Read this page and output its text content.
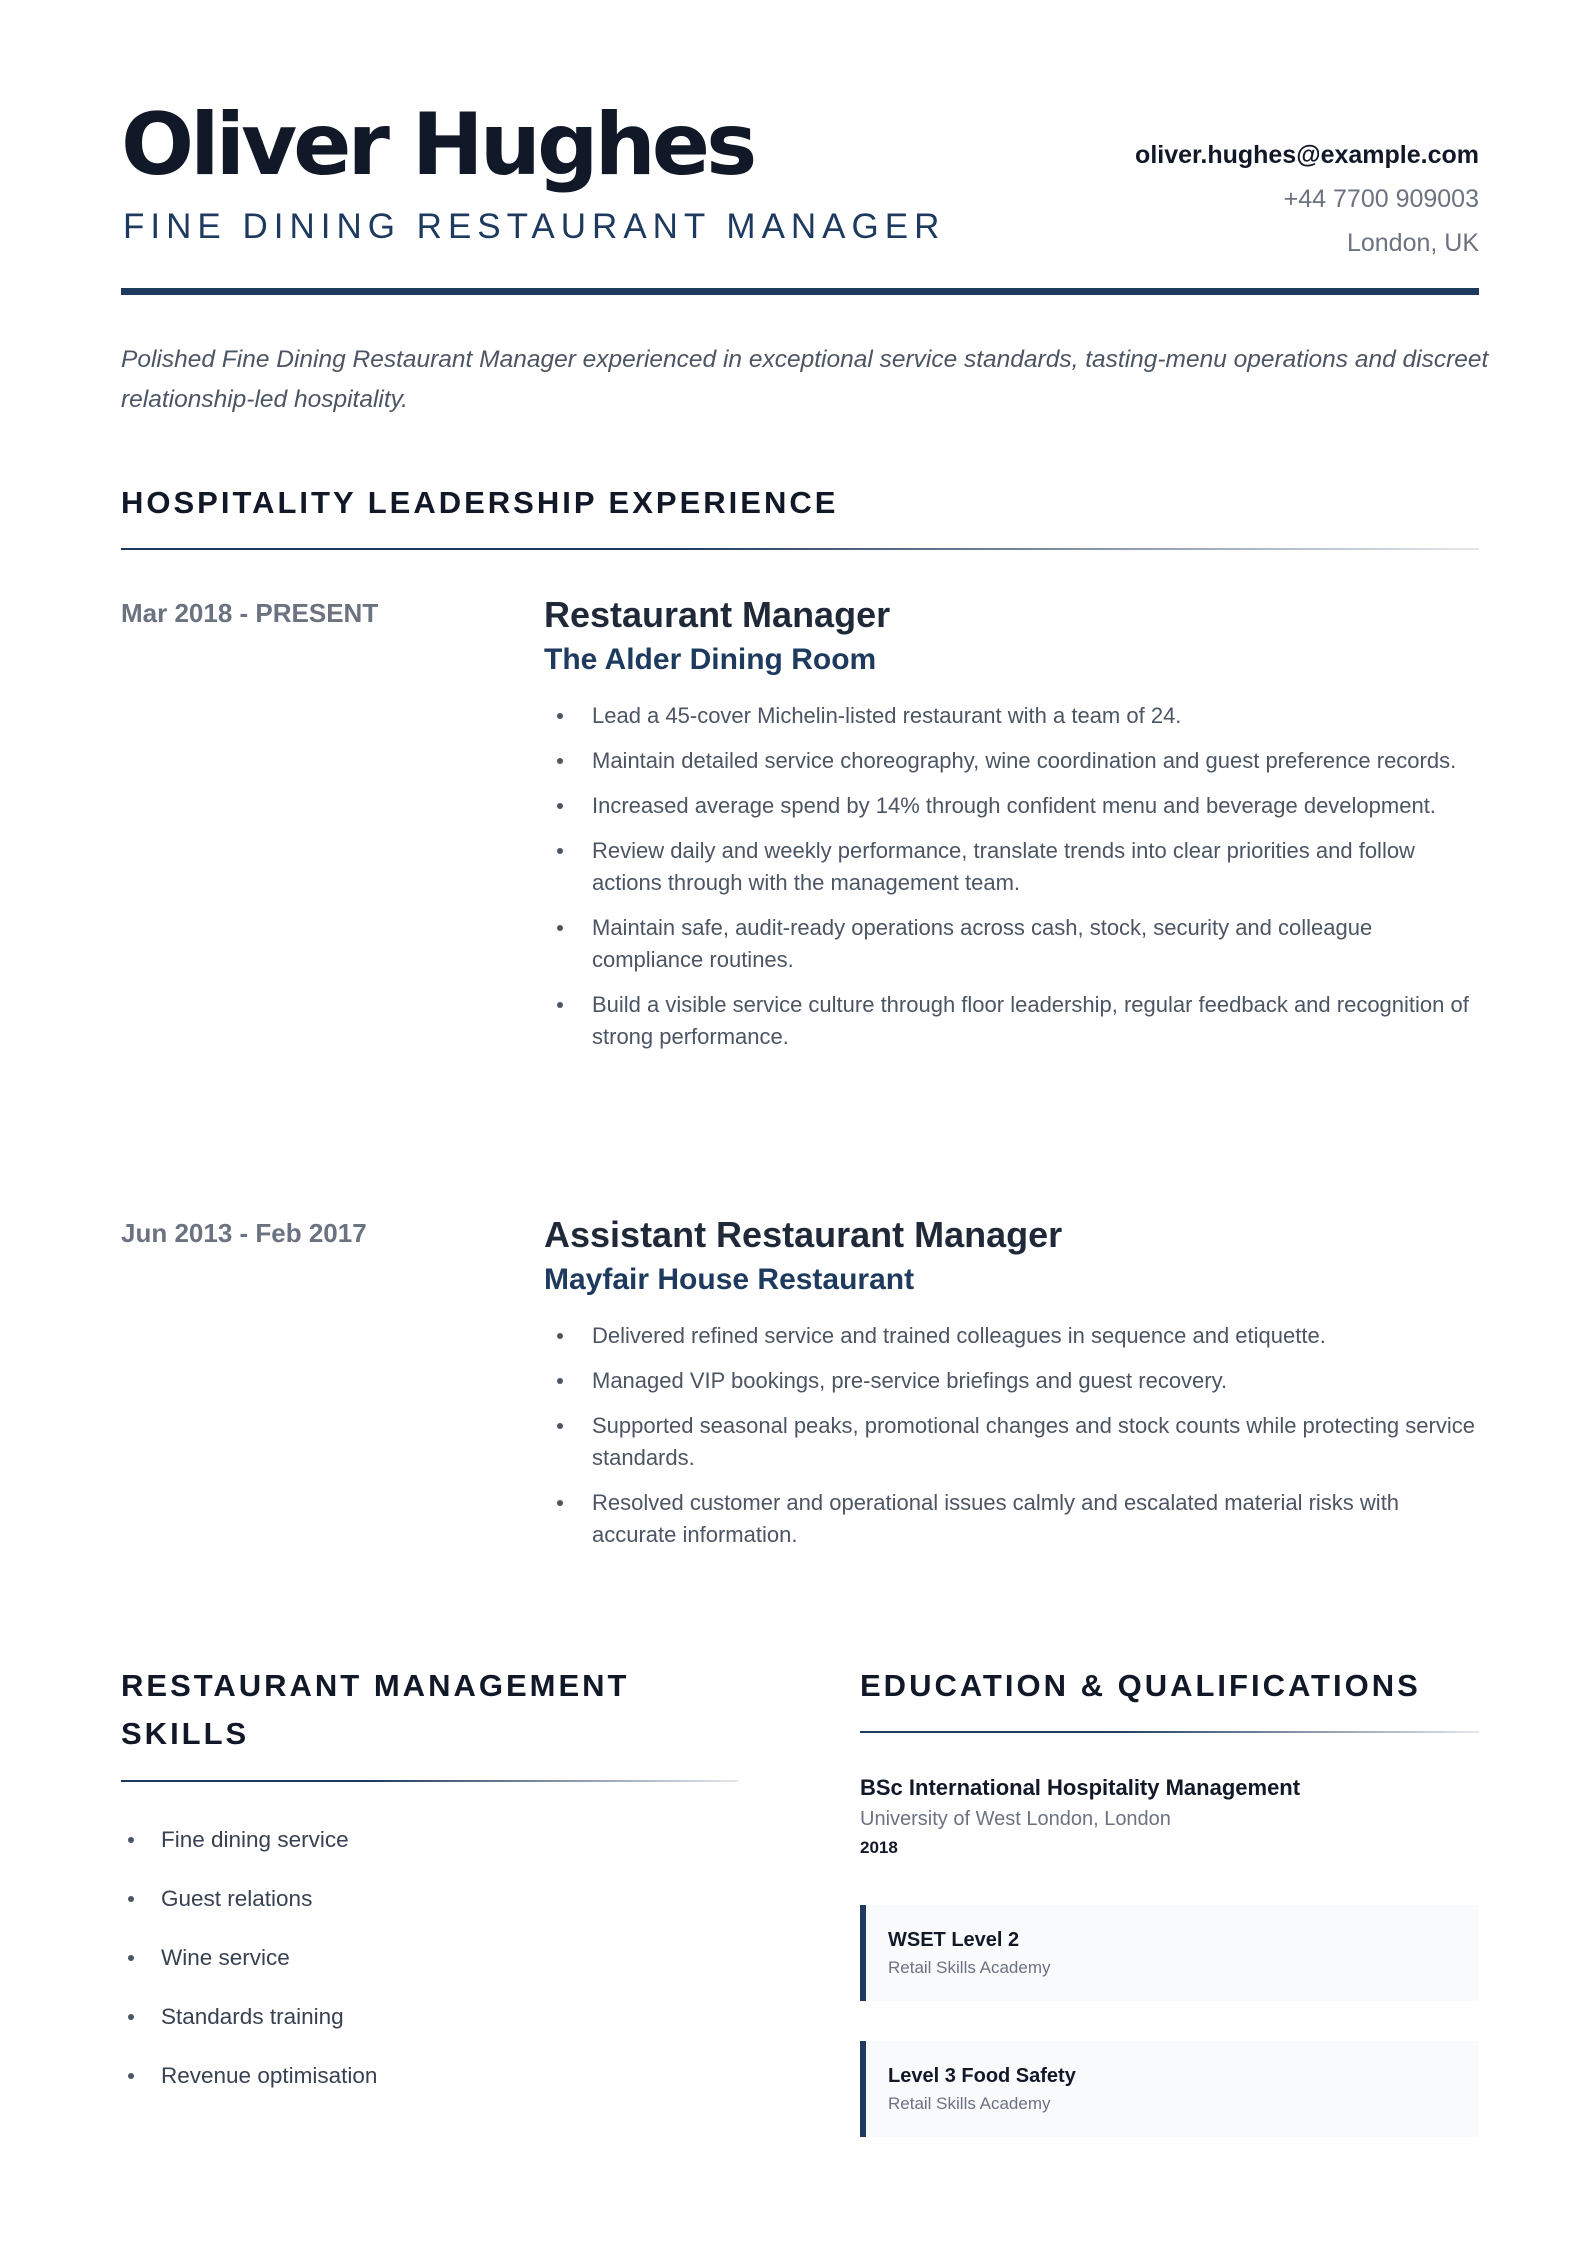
Oliver Hughes
FINE DINING RESTAURANT MANAGER
oliver.hughes@example.com
+44 7700 909003
London, UK
Polished Fine Dining Restaurant Manager experienced in exceptional service standards, tasting-menu operations and discreet relationship-led hospitality.
HOSPITALITY LEADERSHIP EXPERIENCE
Mar 2018 - PRESENT	Restaurant Manager
The Alder Dining Room
Lead a 45-cover Michelin-listed restaurant with a team of 24.
Maintain detailed service choreography, wine coordination and guest preference records.
Increased average spend by 14% through confident menu and beverage development.
Review daily and weekly performance, translate trends into clear priorities and follow actions through with the management team.
Maintain safe, audit-ready operations across cash, stock, security and colleague compliance routines.
Build a visible service culture through floor leadership, regular feedback and recognition of strong performance.
Jun 2013 - Feb 2017	Assistant Restaurant Manager
Mayfair House Restaurant
Delivered refined service and trained colleagues in sequence and etiquette.
Managed VIP bookings, pre-service briefings and guest recovery.
Supported seasonal peaks, promotional changes and stock counts while protecting service standards.
Resolved customer and operational issues calmly and escalated material risks with accurate information.
RESTAURANT MANAGEMENT
SKILLS
Fine dining service
Guest relations
Wine service
Standards training
Revenue optimisation
EDUCATION & QUALIFICATIONS
BSc International Hospitality Management
University of West London, London
2018
WSET Level 2
Retail Skills Academy
Level 3 Food Safety
Retail Skills Academy
